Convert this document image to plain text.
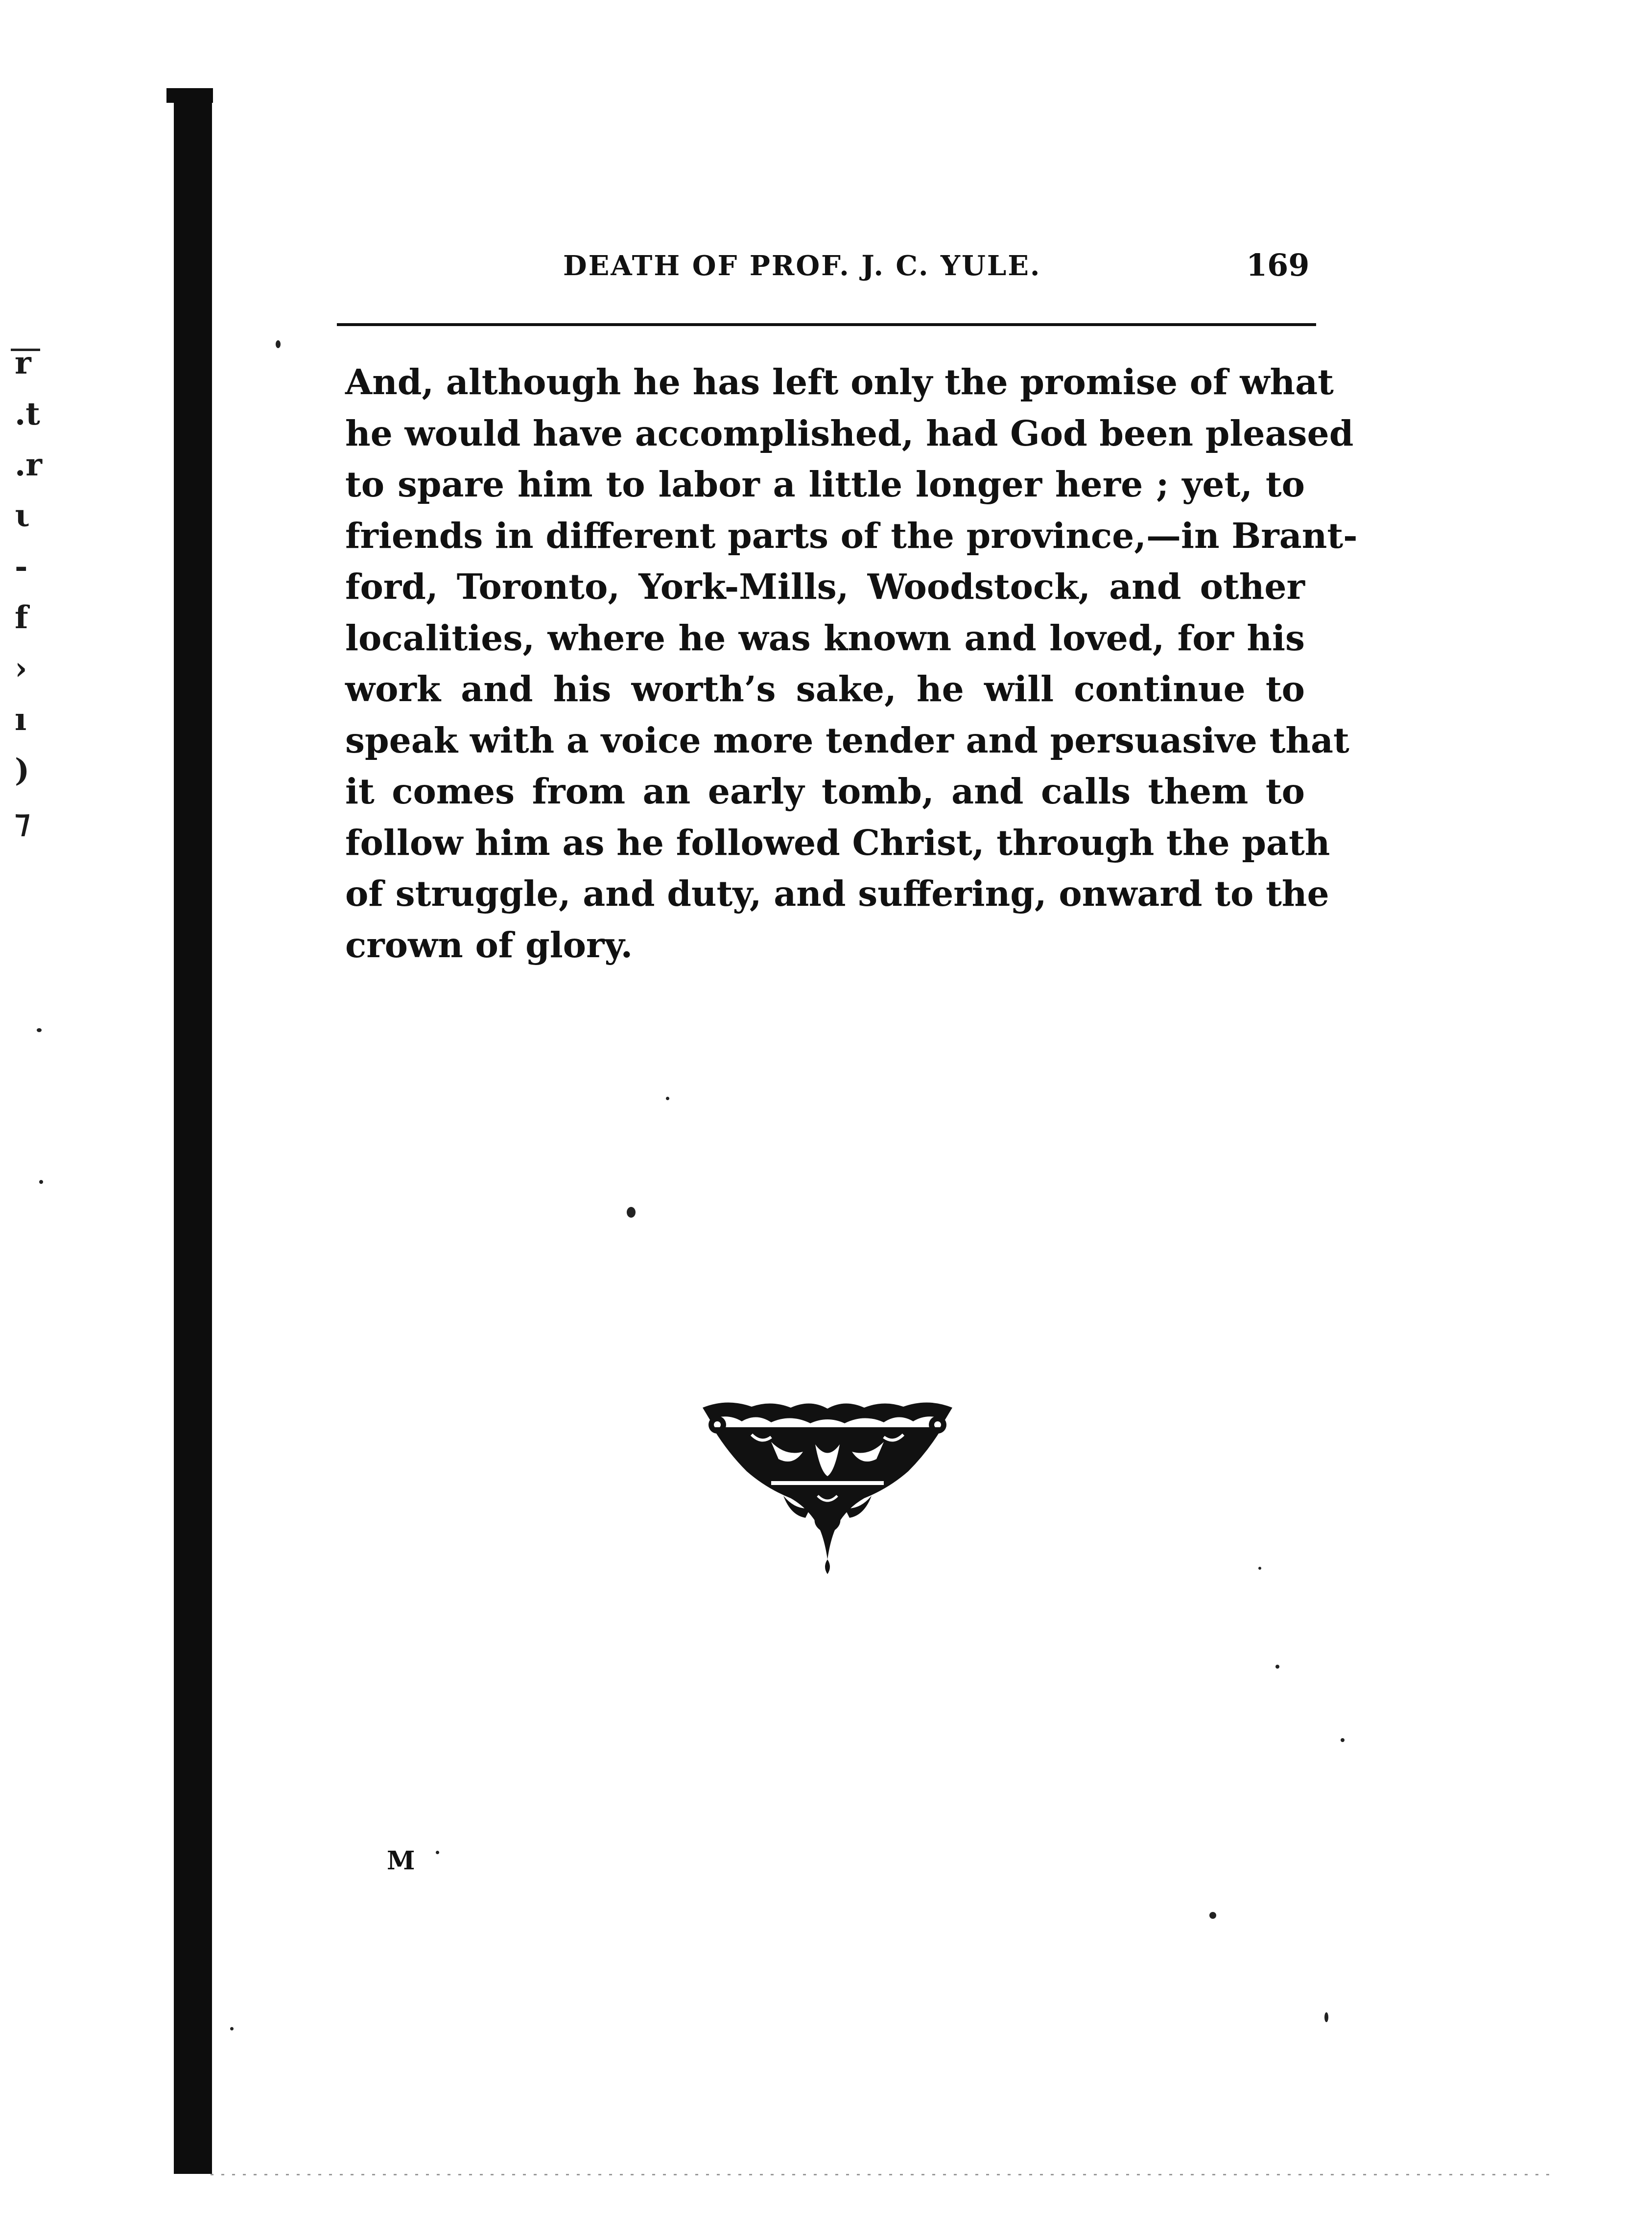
r
.t
.r
ι
-
f
›
ı
)
⁊
DEATH OF PROF. J. C. YULE.	169
And, although he has left only the promise of what
he would have accomplished, had God been pleased
to spare him to labor a little longer here ; yet, to
friends in different parts of the province,—in Brant-
ford, Toronto, York-Mills, Woodstock, and other
localities, where he was known and loved, for his
work and his worth’s sake, he will continue to
speak with a voice more tender and persuasive that
it comes from an early tomb, and calls them to
follow him as he followed Christ, through the path
of struggle, and duty, and suffering, onward to the
crown of glory.
M
